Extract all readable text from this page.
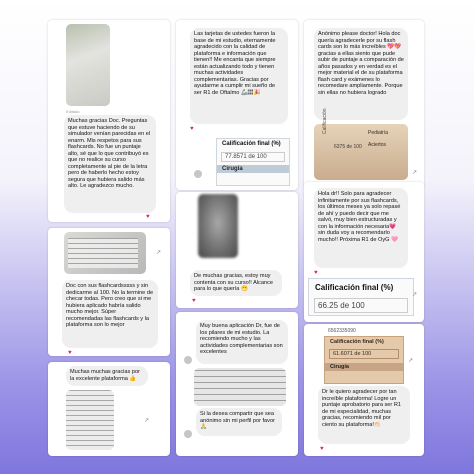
Editado
Muchas gracias Doc. Preguntas que estuve haciendo de su simulador venían parecidas en el enarm. Mis respetos para sus flashcards. No fue un puntaje alto, sé que lo que contribuyó es que no realice su curso completamente al pie de la letra pero de haberlo hecho estoy segura que hubiera salido más alto. Le agradezco mucho.
♥
↗
Doc con sus flashcardsssss y sin dedicarme al 100. No la termine de checar todas. Pero creo que si me hubiera aplicado habría salido mucho mejor. Súper recomendadas las flashcards y la plataforma son lo mejor
♥
Muchas muchas gracias por la excelente plataforma 👍
↗
Las tarjetas de ustedes fueron la base de mi estudio, eternamente agradecido con la calidad de plataforma e información que tienen!! Me encanta que siempre están actualizando todo y tienen muchas actividades complementarias. Gracias por ayudarme a cumplir mi sueño de ser R1 de Oftalmo 🦾🏽🎉
♥
Calificación final (%)
77.8571 de 100
Cirugía
De muchas gracias, estoy muy contenta con su curso!! Alcance para lo que quería 😁
♥
Muy buena aplicación Dr, fue de los pilares de mi estudio. La recomiendo mucho y las actividades complementarias son excelentes
Si la desea compartir que sea anónimo sin mi perfil por favor 🙏
Anónimo please doctor! Hola doc quería agradecerle por su flash cards son lo más increíbles 💖💖 gracias a ellas siento que pude subir de puntaje a comparación de años pasados y en verdad es el mejor material el de su plataforma flash card y exámenes lo recomedare ampliamente. Porque sin ellas no hubiera logrado
Calificación
6375 de 100
Pediatría
Aciertos
↗
Hola dr!! Solo para agradecer infinitamente por sus flashcards, los últimos meses ya solo repasé de ahí y puedo decir que me salvó, muy bien estructuradas y con la información necesaria💗 sin duda voy a recomendarlo mucho!! Próxima R1 de OyG 🩷
♥
Calificación final (%)
66.25 de 100
↗
6562335090
Calificación final (%)
61.6071 de 100
Cirugía
↗
Dr le quiero agradecer por tan increíble plataforma! Logre un puntaje aprobatorio para ser R1 de mi especialidad, muchas gracias, recomiendo mil por ciento su plataforma!👏🏻
♥
